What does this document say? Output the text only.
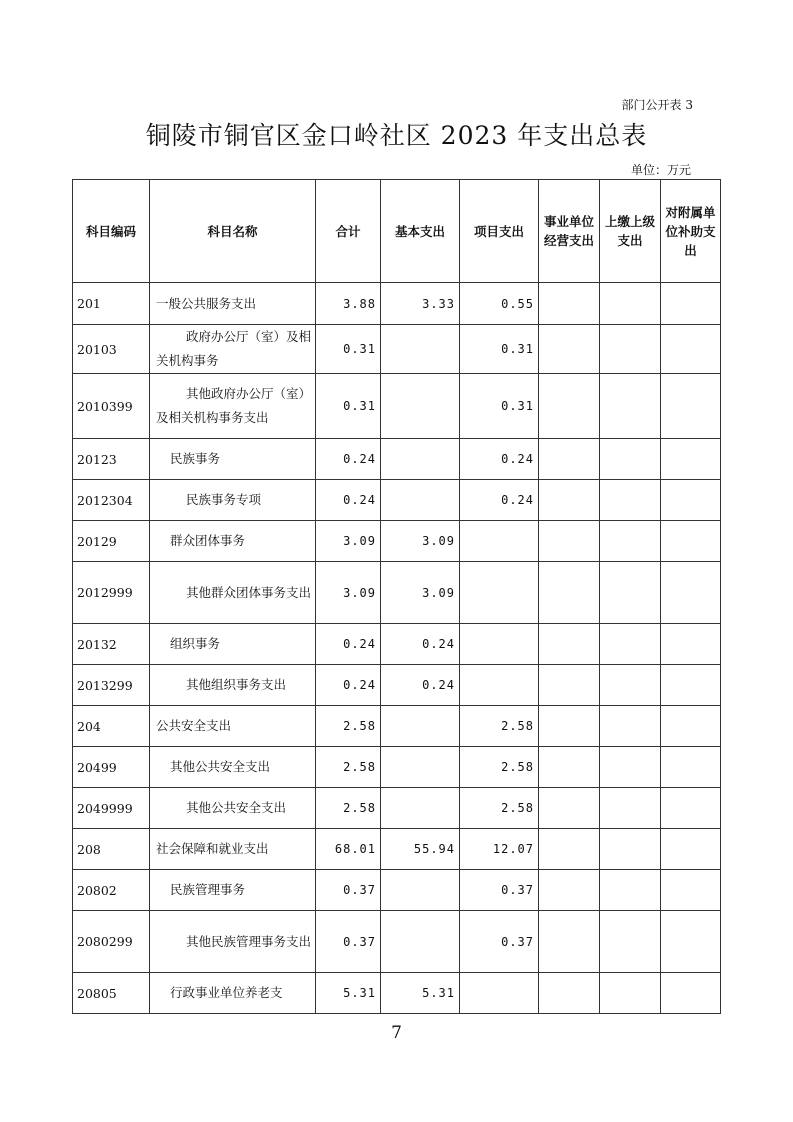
部门公开表 3
铜陵市铜官区金口岭社区 2023 年支出总表
单位：万元
科目编码	科目名称	合计	基本支出	项目支出	事业单位经营支出	上缴上级支出	对附属单位补助支出
201	一般公共服务支出	3.88	3.33	0.55			
20103	政府办公厅（室）及相关机构事务	0.31		0.31			
2010399	其他政府办公厅（室）及相关机构事务支出	0.31		0.31			
20123	民族事务	0.24		0.24			
2012304	民族事务专项	0.24		0.24			
20129	群众团体事务	3.09	3.09				
2012999	其他群众团体事务支出	3.09	3.09				
20132	组织事务	0.24	0.24				
2013299	其他组织事务支出	0.24	0.24				
204	公共安全支出	2.58		2.58			
20499	其他公共安全支出	2.58		2.58			
2049999	其他公共安全支出	2.58		2.58			
208	社会保障和就业支出	68.01	55.94	12.07			
20802	民族管理事务	0.37		0.37			
2080299	其他民族管理事务支出	0.37		0.37			
20805	行政事业单位养老支	5.31	5.31				
7
